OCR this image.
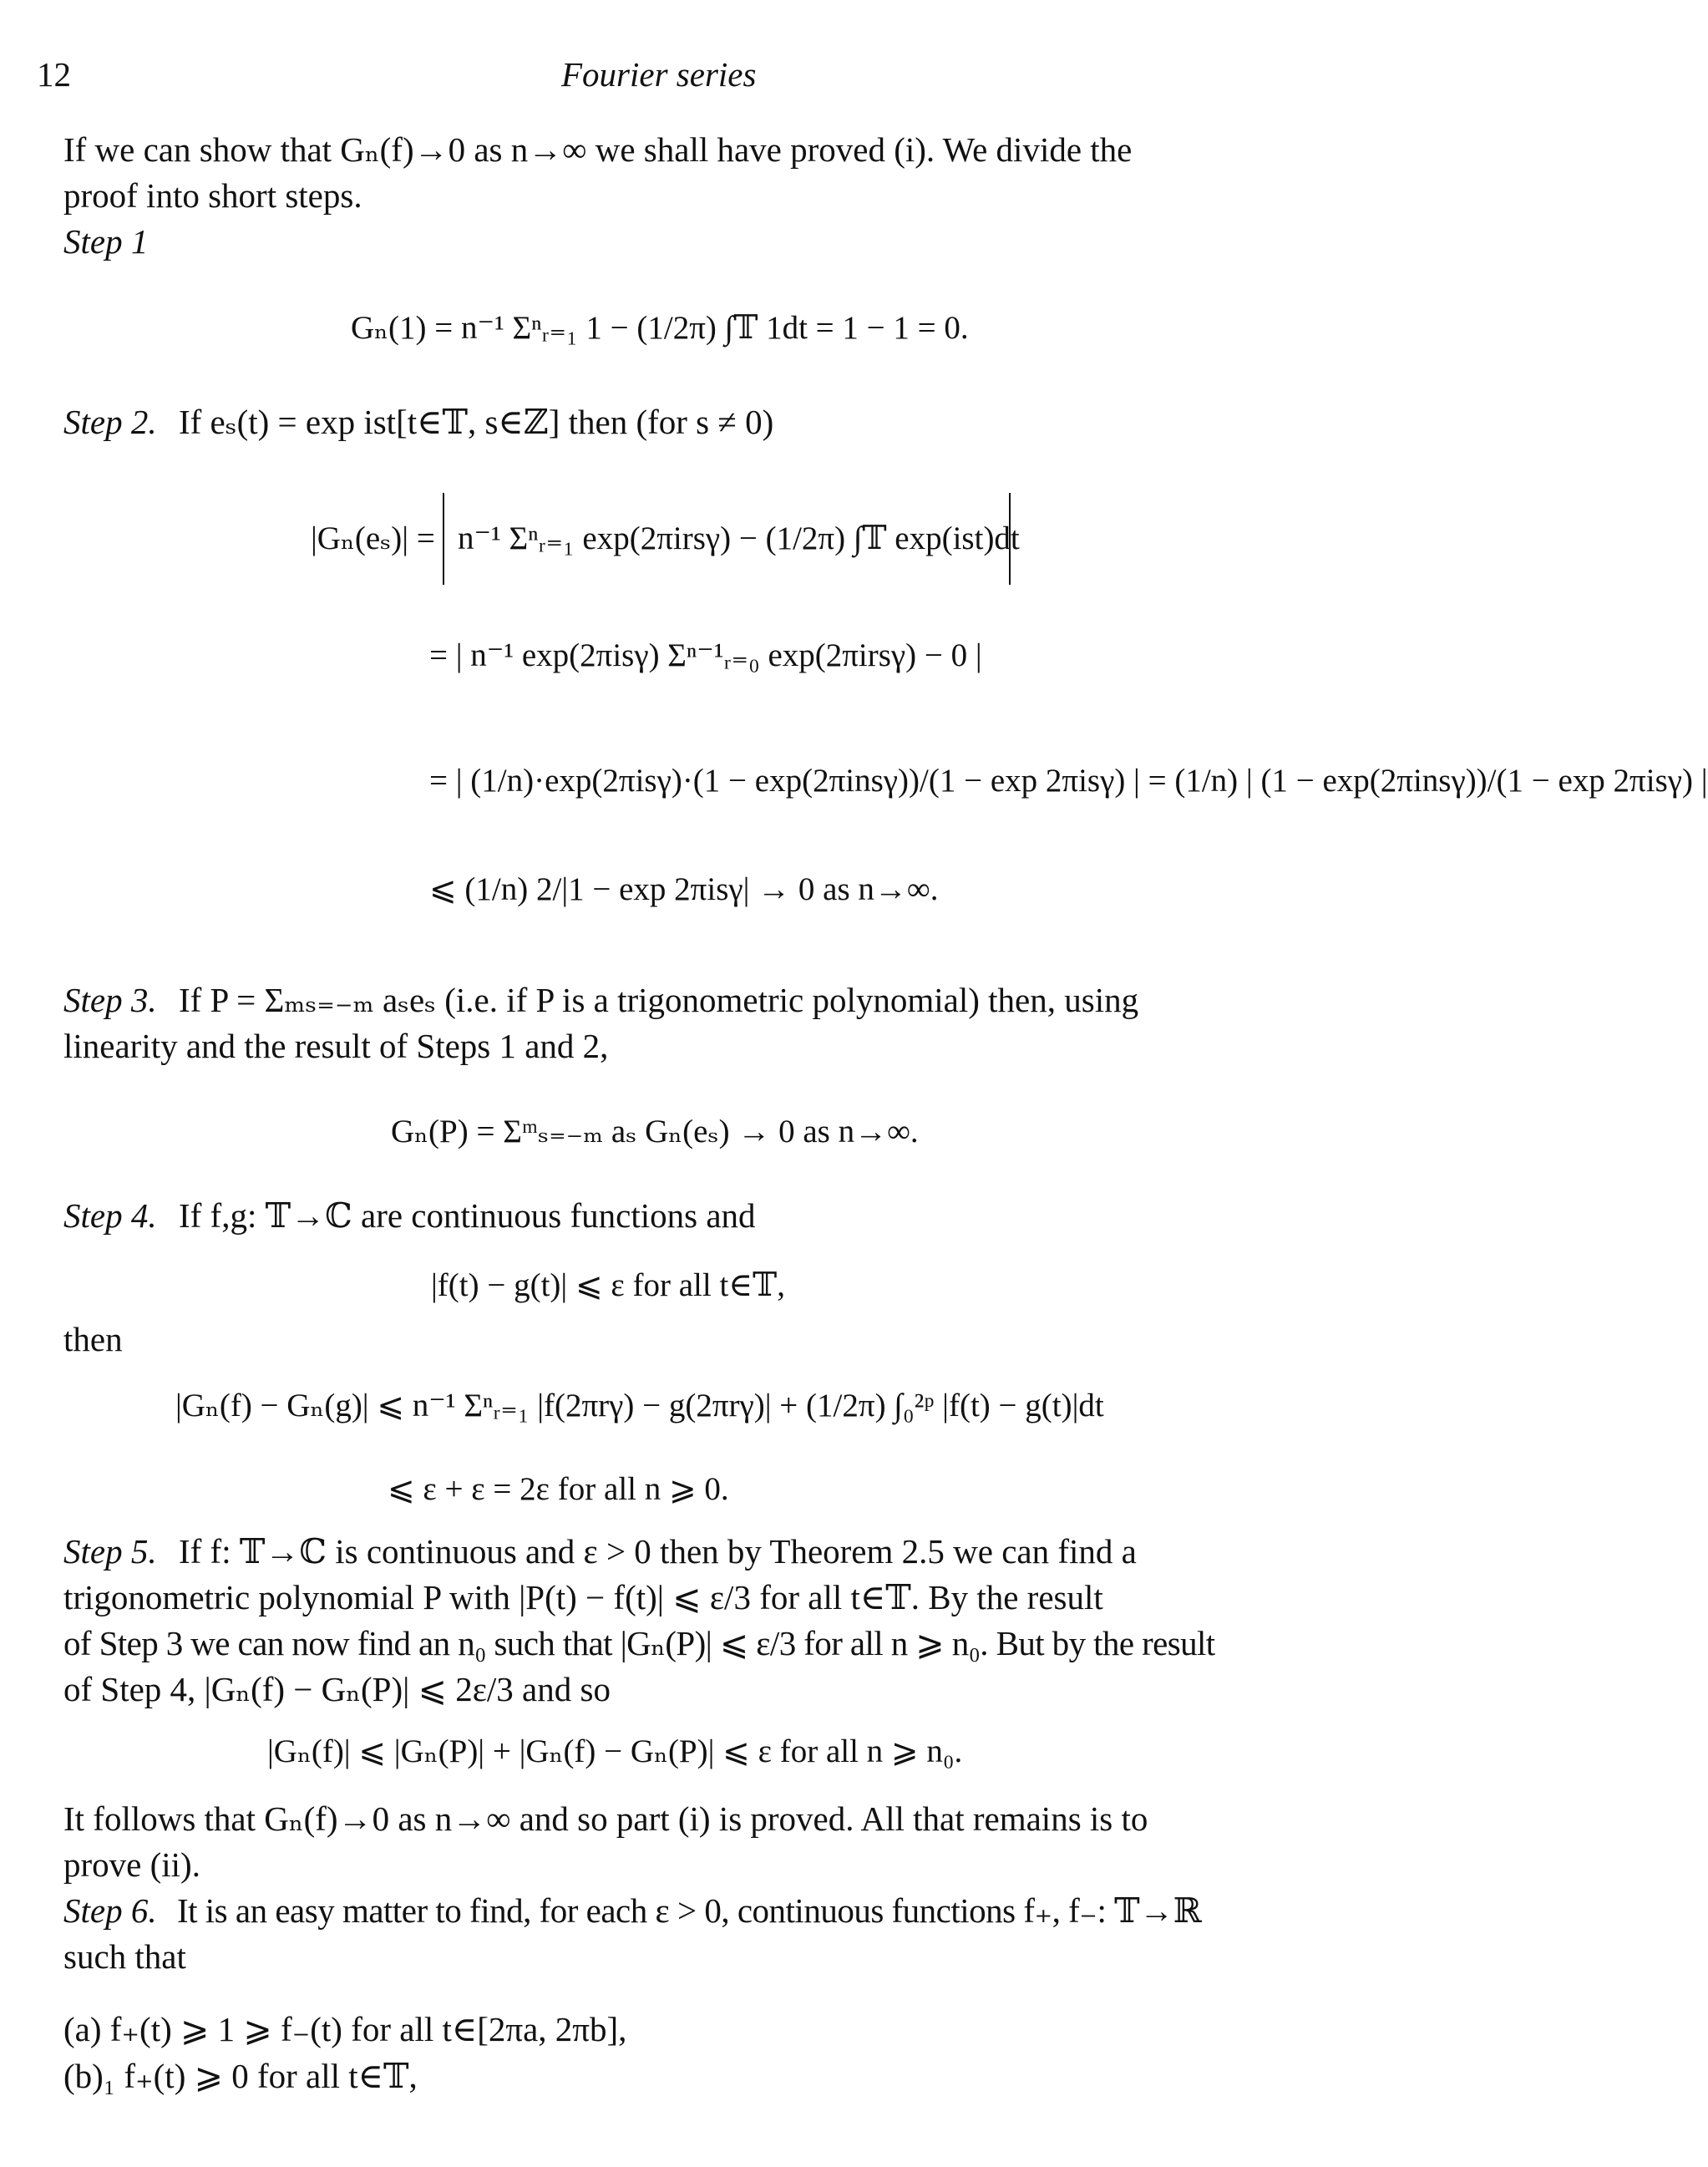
12	Fourier series
If we can show that Gₙ(f)→0 as n→∞ we shall have proved (i). We divide the
proof into short steps.
Step 1
Gₙ(1) = n⁻¹ Σⁿᵣ₌₁ 1 − (1/2π) ∫𝕋 1dt = 1 − 1 = 0.
Step 2. If eₛ(t) = exp ist[t∈𝕋, s∈ℤ] then (for s ≠ 0)
|Gₙ(eₛ)| = n⁻¹ Σⁿᵣ₌₁ exp(2πirsγ) − (1/2π) ∫𝕋 exp(ist)dt
= | n⁻¹ exp(2πisγ) Σⁿ⁻¹ᵣ₌₀ exp(2πirsγ) − 0 |
= | (1/n)·exp(2πisγ)·(1 − exp(2πinsγ))/(1 − exp 2πisγ) | = (1/n) | (1 − exp(2πinsγ))/(1 − exp 2πisγ) |
⩽ (1/n) 2/|1 − exp 2πisγ| → 0 as n→∞.
Step 3. If P = Σₘₛ₌₋ₘ aₛeₛ (i.e. if P is a trigonometric polynomial) then, using
linearity and the result of Steps 1 and 2,
Gₙ(P) = Σᵐₛ₌₋ₘ aₛ Gₙ(eₛ) → 0 as n→∞.
Step 4. If f,g: 𝕋→ℂ are continuous functions and
|f(t) − g(t)| ⩽ ε for all t∈𝕋,
then
|Gₙ(f) − Gₙ(g)| ⩽ n⁻¹ Σⁿᵣ₌₁ |f(2πrγ) − g(2πrγ)| + (1/2π) ∫₀²ᵖ |f(t) − g(t)|dt
⩽ ε + ε = 2ε for all n ⩾ 0.
Step 5. If f: 𝕋→ℂ is continuous and ε > 0 then by Theorem 2.5 we can find a
trigonometric polynomial P with |P(t) − f(t)| ⩽ ε/3 for all t∈𝕋. By the result
of Step 3 we can now find an n₀ such that |Gₙ(P)| ⩽ ε/3 for all n ⩾ n₀. But by the result
of Step 4, |Gₙ(f) − Gₙ(P)| ⩽ 2ε/3 and so
|Gₙ(f)| ⩽ |Gₙ(P)| + |Gₙ(f) − Gₙ(P)| ⩽ ε for all n ⩾ n₀.
It follows that Gₙ(f)→0 as n→∞ and so part (i) is proved. All that remains is to
prove (ii).
Step 6. It is an easy matter to find, for each ε > 0, continuous functions f₊, f₋: 𝕋→ℝ
such that
(a) f₊(t) ⩾ 1 ⩾ f₋(t) for all t∈[2πa, 2πb],
(b)₁ f₊(t) ⩾ 0 for all t∈𝕋,
